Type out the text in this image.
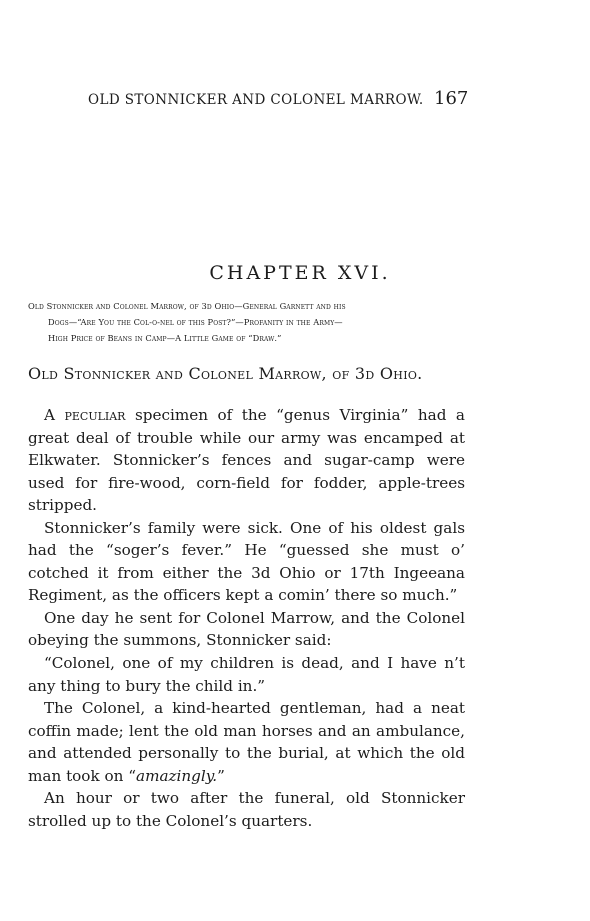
OLD STONNICKER AND COLONEL MARROW. 167
CHAPTER XVI.
Old Stonnicker and Colonel Marrow, of 3d Ohio—General Garnett and his
Dogs—“Are You the Col-o-nel of this Post?”—Profanity in the Army—
High Price of Beans in Camp—A Little Game of “Draw.”
Old Stonnicker and Colonel Marrow, of 3d Ohio.

A peculiar specimen of the “genus Virginia” had a great deal of trouble while our army was encamped at Elkwater. Stonnicker’s fences and sugar-camp were used for fire-wood, corn-field for fodder, apple-trees stripped.

Stonnicker’s family were sick. One of his oldest gals had the “soger’s fever.” He “guessed she must o’ cotched it from either the 3d Ohio or 17th Ingeeana Regiment, as the officers kept a comin’ there so much.”

One day he sent for Colonel Marrow, and the Colonel obeying the summons, Stonnicker said:

“Colonel, one of my children is dead, and I have n’t any thing to bury the child in.”

The Colonel, a kind-hearted gentleman, had a neat coffin made; lent the old man horses and an ambulance, and attended personally to the burial, at which the old man took on “amazingly.”

An hour or two after the funeral, old Stonnicker strolled up to the Colonel’s quarters.
